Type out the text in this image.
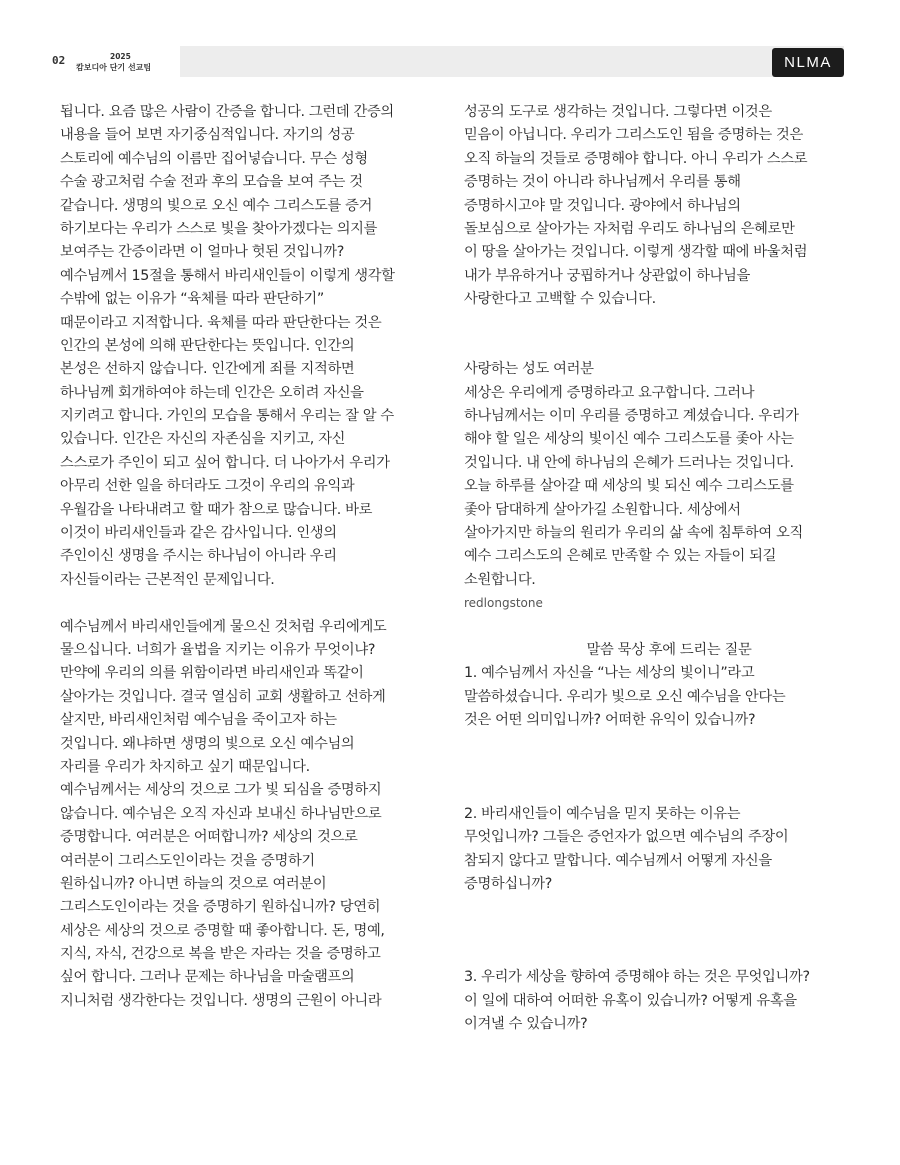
02	2025
캄보디아 단기 선교팀	NLMA
됩니다. 요즘 많은 사람이 간증을 합니다. 그런데 간증의
내용을 들어 보면 자기중심적입니다. 자기의 성공
스토리에 예수님의 이름만 집어넣습니다. 무슨 성형
수술 광고처럼 수술 전과 후의 모습을 보여 주는 것
같습니다. 생명의 빛으로 오신 예수 그리스도를 증거
하기보다는 우리가 스스로 빛을 찾아가겠다는 의지를
보여주는 간증이라면 이 얼마나 헛된 것입니까?
예수님께서 15절을 통해서 바리새인들이 이렇게 생각할
수밖에 없는 이유가 “육체를 따라 판단하기”
때문이라고 지적합니다. 육체를 따라 판단한다는 것은
인간의 본성에 의해 판단한다는 뜻입니다. 인간의
본성은 선하지 않습니다. 인간에게 죄를 지적하면
하나님께 회개하여야 하는데 인간은 오히려 자신을
지키려고 합니다. 가인의 모습을 통해서 우리는 잘 알 수
있습니다. 인간은 자신의 자존심을 지키고, 자신
스스로가 주인이 되고 싶어 합니다. 더 나아가서 우리가
아무리 선한 일을 하더라도 그것이 우리의 유익과
우월감을 나타내려고 할 때가 참으로 많습니다. 바로
이것이 바리새인들과 같은 감사입니다. 인생의
주인이신 생명을 주시는 하나님이 아니라 우리
자신들이라는 근본적인 문제입니다.
예수님께서 바리새인들에게 물으신 것처럼 우리에게도
물으십니다. 너희가 율법을 지키는 이유가 무엇이냐?
만약에 우리의 의를 위함이라면 바리새인과 똑같이
살아가는 것입니다. 결국 열심히 교회 생활하고 선하게
살지만, 바리새인처럼 예수님을 죽이고자 하는
것입니다. 왜냐하면 생명의 빛으로 오신 예수님의
자리를 우리가 차지하고 싶기 때문입니다.
예수님께서는 세상의 것으로 그가 빛 되심을 증명하지
않습니다. 예수님은 오직 자신과 보내신 하나님만으로
증명합니다. 여러분은 어떠합니까? 세상의 것으로
여러분이 그리스도인이라는 것을 증명하기
원하십니까? 아니면 하늘의 것으로 여러분이
그리스도인이라는 것을 증명하기 원하십니까? 당연히
세상은 세상의 것으로 증명할 때 좋아합니다. 돈, 명예,
지식, 자식, 건강으로 복을 받은 자라는 것을 증명하고
싶어 합니다. 그러나 문제는 하나님을 마술램프의
지니처럼 생각한다는 것입니다. 생명의 근원이 아니라
성공의 도구로 생각하는 것입니다. 그렇다면 이것은
믿음이 아닙니다. 우리가 그리스도인 됨을 증명하는 것은
오직 하늘의 것들로 증명해야 합니다. 아니 우리가 스스로
증명하는 것이 아니라 하나님께서 우리를 통해
증명하시고야 말 것입니다. 광야에서 하나님의
돌보심으로 살아가는 자처럼 우리도 하나님의 은혜로만
이 땅을 살아가는 것입니다. 이렇게 생각할 때에 바울처럼
내가 부유하거나 궁핍하거나 상관없이 하나님을
사랑한다고 고백할 수 있습니다.
사랑하는 성도 여러분
세상은 우리에게 증명하라고 요구합니다. 그러나
하나님께서는 이미 우리를 증명하고 계셨습니다. 우리가
해야 할 일은 세상의 빛이신 예수 그리스도를 좇아 사는
것입니다. 내 안에 하나님의 은혜가 드러나는 것입니다.
오늘 하루를 살아갈 때 세상의 빛 되신 예수 그리스도를
좇아 담대하게 살아가길 소원합니다. 세상에서
살아가지만 하늘의 원리가 우리의 삶 속에 침투하여 오직
예수 그리스도의 은혜로 만족할 수 있는 자들이 되길
소원합니다.
redlongstone
말씀 묵상 후에 드리는 질문
1. 예수님께서 자신을 “나는 세상의 빛이니”라고
말씀하셨습니다. 우리가 빛으로 오신 예수님을 안다는
것은 어떤 의미입니까? 어떠한 유익이 있습니까?
2. 바리새인들이 예수님을 믿지 못하는 이유는
무엇입니까? 그들은 증언자가 없으면 예수님의 주장이
참되지 않다고 말합니다. 예수님께서 어떻게 자신을
증명하십니까?
3. 우리가 세상을 향하여 증명해야 하는 것은 무엇입니까?
이 일에 대하여 어떠한 유혹이 있습니까? 어떻게 유혹을
이겨낼 수 있습니까?
